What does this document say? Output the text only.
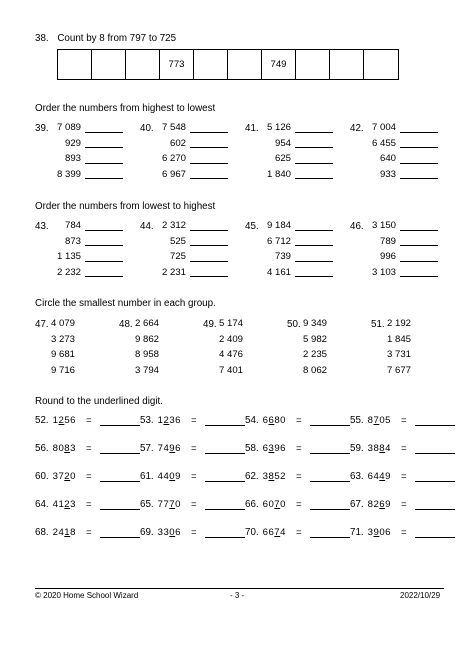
38. Count by 8 from 797 to 725
773	749
Order the numbers from highest to lowest
39. 7 089
929
893
8 399
40. 7 548
602
6 270
6 967
41. 5 126
954
625
1 840
42. 7 004
6 455
640
933
Order the numbers from lowest to highest
43.	784
873
1 135
2 232
44. 2 312
525
725
2 231
45. 9 184
6 712
739
4 161
46. 3 150
789
996
3 103
Circle the smallest number in each group.
47. 4 079
3 273
9 681
9 716
48. 2 664
9 862
8 958
3 794
49. 5 174
2 409
4 476
7 401
50. 9 349
5 982
2 235
8 062
51. 2 192
1 845
3 731
7 677
Round to the underlined digit.
52. 1256 =	53. 1236 =	54. 6680 =	55. 8705 =
56. 8083 =	57. 7496 =	58. 6396 =	59. 3884 =
60. 3720 =	61. 4409 =	62. 3852 =	63. 6449 =
64. 4123 =	65. 7770 =	66. 6070 =	67. 8269 =
68. 2418 =	69. 3306 =	70. 6674 =	71. 3906 =
© 2020 Home School Wizard	- 3 -	2022/10/29
